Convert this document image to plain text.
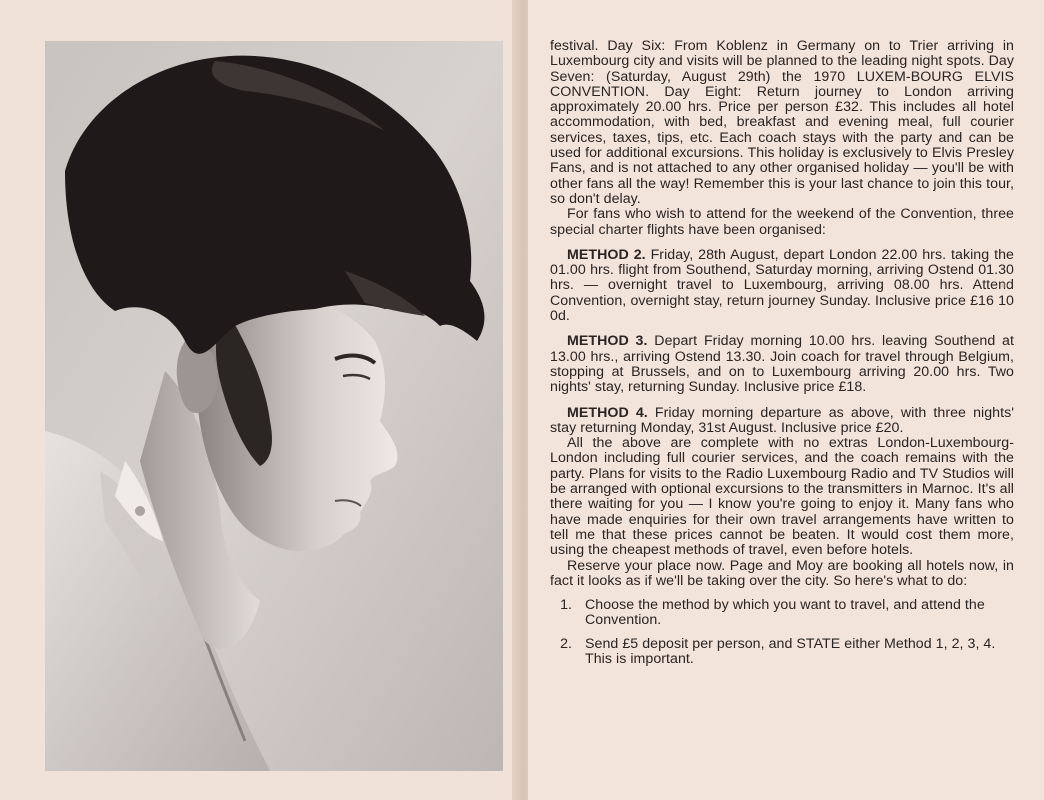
festival. Day Six: From Koblenz in Germany on to Trier arriving in Luxembourg city and visits will be planned to the leading night spots. Day Seven: (Saturday, August 29th) the 1970 LUXEM-BOURG ELVIS CONVENTION. Day Eight: Return journey to London arriving approximately 20.00 hrs. Price per person £32. This includes all hotel accommodation, with bed, breakfast and evening meal, full courier services, taxes, tips, etc. Each coach stays with the party and can be used for additional excursions. This holiday is exclusively to Elvis Presley Fans, and is not attached to any other organised holiday — you'll be with other fans all the way! Remember this is your last chance to join this tour, so don't delay.

For fans who wish to attend for the weekend of the Convention, three special charter flights have been organised:

METHOD 2. Friday, 28th August, depart London 22.00 hrs. taking the 01.00 hrs. flight from Southend, Saturday morning, arriving Ostend 01.30 hrs. — overnight travel to Luxembourg, arriving 08.00 hrs. Attend Convention, overnight stay, return journey Sunday. Inclusive price £16 10 0d.

METHOD 3. Depart Friday morning 10.00 hrs. leaving Southend at 13.00 hrs., arriving Ostend 13.30. Join coach for travel through Belgium, stopping at Brussels, and on to Luxembourg arriving 20.00 hrs. Two nights' stay, returning Sunday. Inclusive price £18.

METHOD 4. Friday morning departure as above, with three nights' stay returning Monday, 31st August. Inclusive price £20.

All the above are complete with no extras London-Luxembourg-London including full courier services, and the coach remains with the party. Plans for visits to the Radio Luxembourg Radio and TV Studios will be arranged with optional excursions to the transmitters in Marnoc. It's all there waiting for you — I know you're going to enjoy it. Many fans who have made enquiries for their own travel arrangements have written to tell me that these prices cannot be beaten. It would cost them more, using the cheapest methods of travel, even before hotels.

Reserve your place now. Page and Moy are booking all hotels now, in fact it looks as if we'll be taking over the city. So here's what to do:

1. Choose the method by which you want to travel, and attend the Convention.
2. Send £5 deposit per person, and STATE either Method 1, 2, 3, 4. This is important.
